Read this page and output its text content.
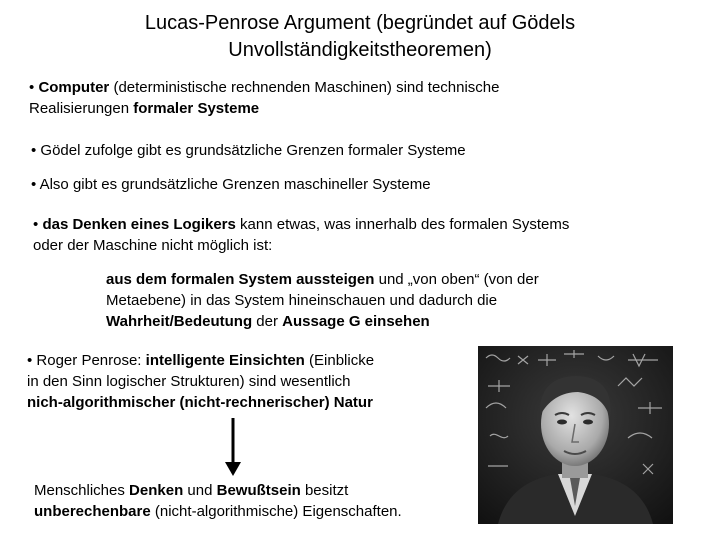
Lucas-Penrose Argument (begründet auf Gödels
Unvollständigkeitstheoremen)
• Computer (deterministische rechnenden Maschinen) sind technische
Realisierungen formaler Systeme
• Gödel zufolge gibt es grundsätzliche Grenzen formaler Systeme
• Also gibt es grundsätzliche Grenzen maschineller Systeme
• das Denken eines Logikers kann etwas, was innerhalb des formalen Systems
oder der Maschine nicht möglich ist:
aus dem formalen System aussteigen und „von oben“ (von der
Metaebene) in das System hineinschauen und dadurch die
Wahrheit/Bedeutung der Aussage G einsehen
• Roger Penrose: intelligente Einsichten (Einblicke
in den Sinn logischer Strukturen) sind wesentlich
nich-algorithmischer (nicht-rechnerischer) Natur
Menschliches Denken und Bewußtsein besitzt
unberechenbare (nicht-algorithmische) Eigenschaften.
